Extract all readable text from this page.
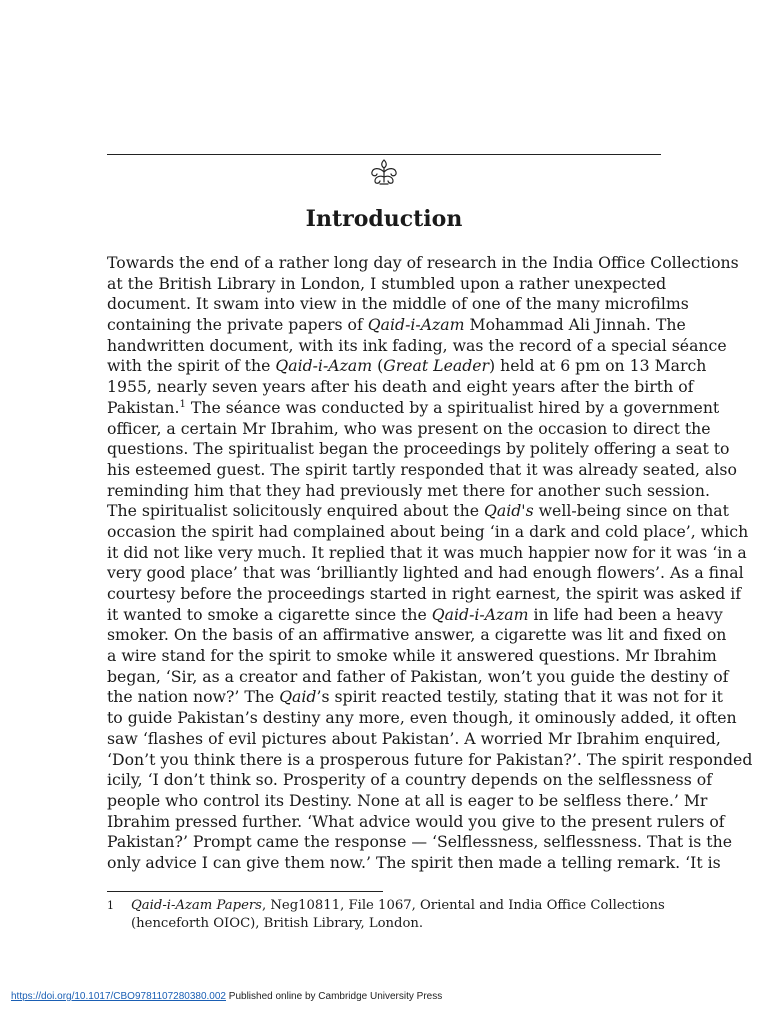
Introduction
Towards the end of a rather long day of research in the India Office Collections
at the British Library in London, I stumbled upon a rather unexpected
document. It swam into view in the middle of one of the many microfilms
containing the private papers of Qaid-i-Azam Mohammad Ali Jinnah. The
handwritten document, with its ink fading, was the record of a special séance
with the spirit of the Qaid-i-Azam (Great Leader) held at 6 pm on 13 March
1955, nearly seven years after his death and eight years after the birth of
Pakistan.$^1$ The séance was conducted by a spiritualist hired by a government
officer, a certain Mr Ibrahim, who was present on the occasion to direct the
questions. The spiritualist began the proceedings by politely offering a seat to
his esteemed guest. The spirit tartly responded that it was already seated, also
reminding him that they had previously met there for another such session.
The spiritualist solicitously enquired about the Qaid's well-being since on that
occasion the spirit had complained about being ‘in a dark and cold place’, which
it did not like very much. It replied that it was much happier now for it was ‘in a
very good place’ that was ‘brilliantly lighted and had enough flowers’. As a final
courtesy before the proceedings started in right earnest, the spirit was asked if
it wanted to smoke a cigarette since the Qaid-i-Azam in life had been a heavy
smoker. On the basis of an affirmative answer, a cigarette was lit and fixed on
a wire stand for the spirit to smoke while it answered questions. Mr Ibrahim
began, ‘Sir, as a creator and father of Pakistan, won’t you guide the destiny of
the nation now?’ The Qaid’s spirit reacted testily, stating that it was not for it
to guide Pakistan’s destiny any more, even though, it ominously added, it often
saw ‘flashes of evil pictures about Pakistan’. A worried Mr Ibrahim enquired,
‘Don’t you think there is a prosperous future for Pakistan?’. The spirit responded
icily, ‘I don’t think so. Prosperity of a country depends on the selflessness of
people who control its Destiny. None at all is eager to be selfless there.’ Mr
Ibrahim pressed further. ‘What advice would you give to the present rulers of
Pakistan?’ Prompt came the response — ‘Selflessness, selflessness. That is the
only advice I can give them now.’ The spirit then made a telling remark. ‘It is
1 Qaid-i-Azam Papers, Neg10811, File 1067, Oriental and India Office Collections
(henceforth OIOC), British Library, London.
https://doi.org/10.1017/CBO9781107280380.002 Published online by Cambridge University Press
